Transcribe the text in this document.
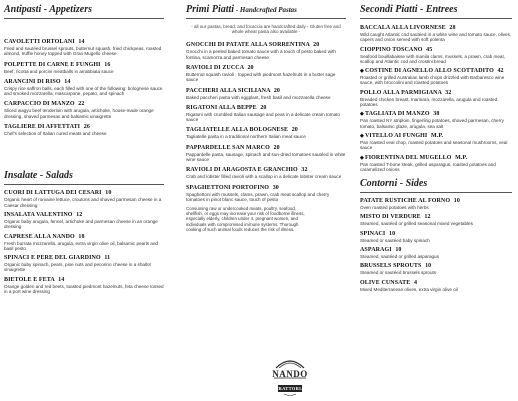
Antipasti - Appetizers
CAVOLETTI ORTOLANI 14
Fried and sautéed brussel sprouts, butternut squash, fried chickpeas, roasted almond, truffle honey topped with Gran Mugello cheese
POLPETTE DI CARNE E FUNGHI 16
Beef, ricotta and porcini meatballs in arrabbiata sauce
ARANCINI DI RISO 14
Crispy rice saffron balls, each filled with one of the following: bolognese sauce and smoked mozzarella; mascarpone, pepato, and spinach
CARPACCIO DI MANZO 22
Sliced wagyu beef tenderloin with arugula, artichoke, house-made orange dressing, shaved parmesan and balsamic vinaigrette
TAGLIERE DI AFFETTATI 26
Chef's selection of Italian cured meats and cheese
Insalate - Salads
CUORI DI LATTUGA DEI CESARI 10
Organic heart of romaine lettuce, croutons and shaved parmesan cheese in a Caesar dressing
INSALATA VALENTINO 12
Organic baby arugula, fennel, artichoke and parmesan cheese in an orange dressing
CAPRESE ALLA NANDO 18
Fresh burrata mozzarella, arugula, extra virgin olive oil, balsamic pearls and basil pesto
SPINACI E PERE DEL GIARDINO 11
Organic baby spinach, pears, pine nuts and pecorino cheese in a shallot vinaigrette
BIETOLE E FETA 14
Orange golden and red beets, toasted piedmont hazelnuts, feta cheese tossed in a port wine dressing
Primi Piatti - Handcrafted Pastas
- all our pastas, bread, and focaccia are handcrafted daily - Gluten free and whole wheat pasta also available -
GNOCCHI DI PATATE ALLA SORRENTINA 20
Gnocchi in a peeled baked tomato sauce with a touch of pesto baked with fontina, scamorza and parmesan cheese
RAVIOLI DI ZUCCA 20
Butternut squash ravioli , topped with piedmont hazelnuts in a butter sage sauce
PACCHERI ALLA SICILIANA 20
Baked paccheri pasta with eggplant, fresh basil and mozzarella cheese
RIGATONI ALLA BEPPE 20
Rigatoni with crumbled Italian sausage and peas in a delicate cream tomato sauce
TAGLIATELLE ALLA BOLOGNESE 20
Tagliatelle pasta in a traditional northern Italian meat sauce
PAPPARDELLE SAN MARCO 20
Pappardelle pasta, sausage, spinach and sun-dried tomatoes sautéed in white wine sauce
RAVIOLI DI ARAGOSTA E GRANCHIO 32
Crab and lobster filled ravioli with a scallop in a delicate lobster cream sauce
SPAGHETTONI PORTOFINO 30
Spaghettoni with mussels, clams, prawn, crab meat scallop and cherry tomatoes in pinot blanc sauce, touch of pesto
Consuming raw or undercooked meats, poultry, seafood, shellfish, or eggs may increase your risk of foodborne illness, especially elderly, children under 4, pregnant women, and individuals with compromised immune systems. Thorough cooking of such animal foods reduces the risk of illness.
NANDO
TRATTORIA
Secondi Piatti - Entrees
BACCALA ALLA LIVORNESE 28
Wild caught Atlantic cod sautéed in a white wine and tomato sauce, olives, capers and onion served with soft polenta
CIOPPINO TOSCANO 45
Seafood bouillabaisse with manila clams, mussels, a prawn, crab meat, scallop and Atlantic cod and crostini bread
◆COSTINE DI AGNELLO ALLO SCOTTADITO 42
Roasted or grilled Australian lamb chops drizzled with Barbaresco wine sauce, with broccolini and roasted potatoes
POLLO ALLA PARMIGIANA 32
Breaded chicken breast, marinara, mozzarella, arugula and roasted potatoes
◆TAGLIATA DI MANZO 38
Pan roasted NY striploin, fingerling potatoes, shaved parmesan, cherry tomato, balsamic glaze, arugula, sea salt
◆VITELLO AI FUNGHI M.P.
Pan roasted veal chop, roasted potatoes and seasonal mushrooms, veal sauce
◆FIORENTINA DEL MUGELLO M.P.
Pan roasted T-bone steak, grilled asparagus, roasted potatoes and caramelized onions
Contorni - Sides
PATATE RUSTICHE AL FORNO 10
Oven roasted potatoes with herbs
MISTO DI VERDURE 12
Steamed, sautéed or grilled seasonal mixed vegetables
SPINACI 10
Steamed or sautéed baby spinach
ASPARAGI 10
Steamed, sautéed or grilled asparagus
BRUSSELS SPROUTS 10
Steamed or sautéed brussels sprouts
OLIVE CUNSATE 4
Mixed Mediterranean olives, extra virgin olive oil
